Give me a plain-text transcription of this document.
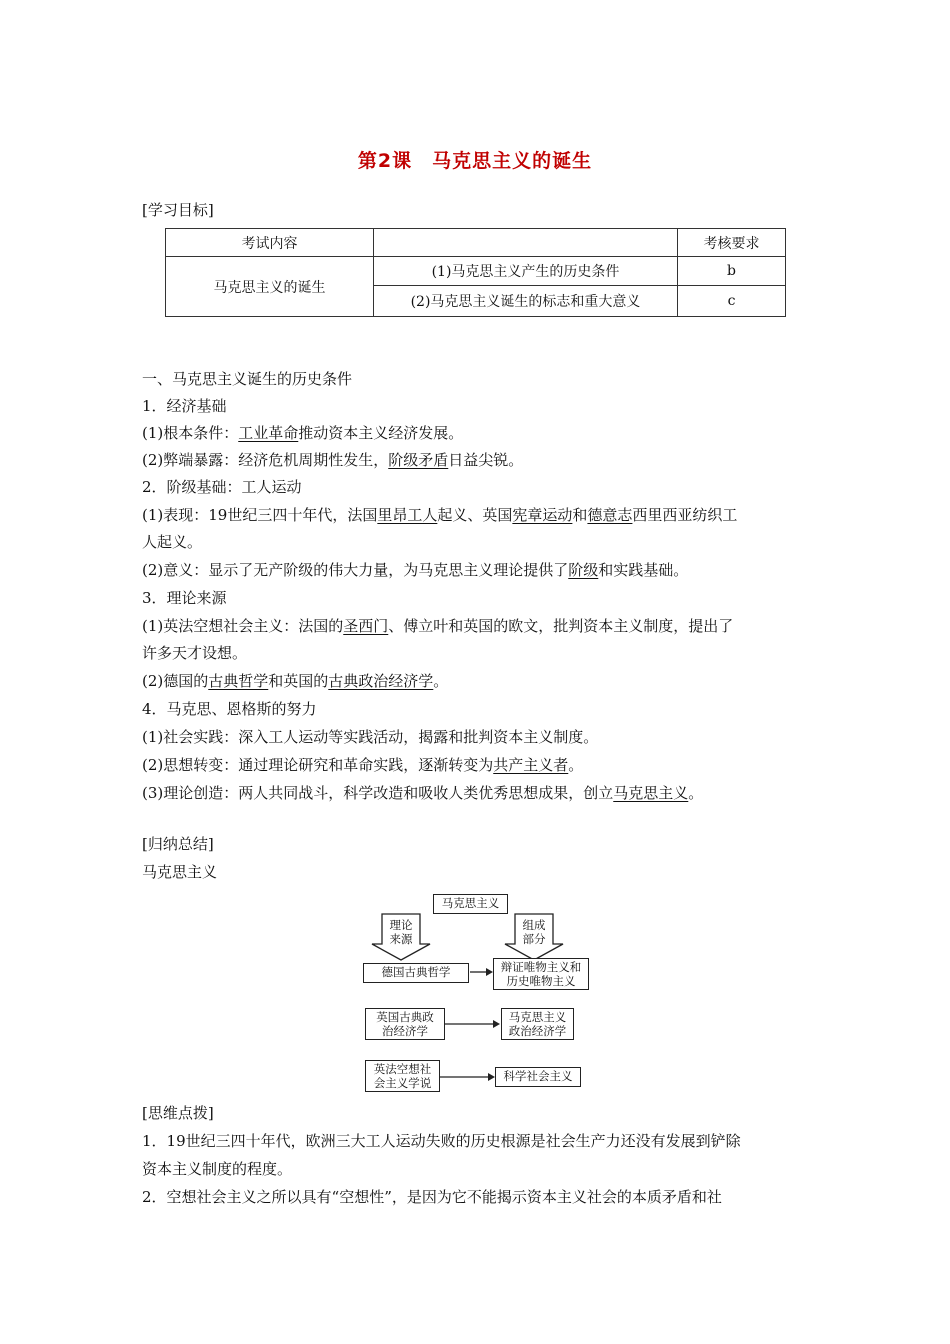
第2课　马克思主义的诞生
[学习目标]
考试内容		考核要求
马克思主义的诞生	(1)马克思主义产生的历史条件	b
	(2)马克思主义诞生的标志和重大意义	c
一、马克思主义诞生的历史条件
1．经济基础
(1)根本条件：工业革命推动资本主义经济发展。
(2)弊端暴露：经济危机周期性发生，阶级矛盾日益尖锐。
2．阶级基础：工人运动
(1)表现：19世纪三四十年代，法国里昂工人起义、英国宪章运动和德意志西里西亚纺织工
人起义。
(2)意义：显示了无产阶级的伟大力量，为马克思主义理论提供了阶级和实践基础。
3．理论来源
(1)英法空想社会主义：法国的圣西门、傅立叶和英国的欧文，批判资本主义制度，提出了
许多天才设想。
(2)德国的古典哲学和英国的古典政治经济学。
4．马克思、恩格斯的努力
(1)社会实践：深入工人运动等实践活动，揭露和批判资本主义制度。
(2)思想转变：通过理论研究和革命实践，逐渐转变为共产主义者。
(3)理论创造：两人共同战斗，科学改造和吸收人类优秀思想成果，创立马克思主义。
[归纳总结]
马克思主义
马克思主义
理论
来源
组成
部分
德国古典哲学	辩证唯物主义和
历史唯物主义
英国古典政
治经济学
马克思主义
政治经济学
英法空想社
会主义学说	科学社会主义
[思维点拨]
1．19世纪三四十年代，欧洲三大工人运动失败的历史根源是社会生产力还没有发展到铲除
资本主义制度的程度。
2．空想社会主义之所以具有“空想性”，是因为它不能揭示资本主义社会的本质矛盾和社
